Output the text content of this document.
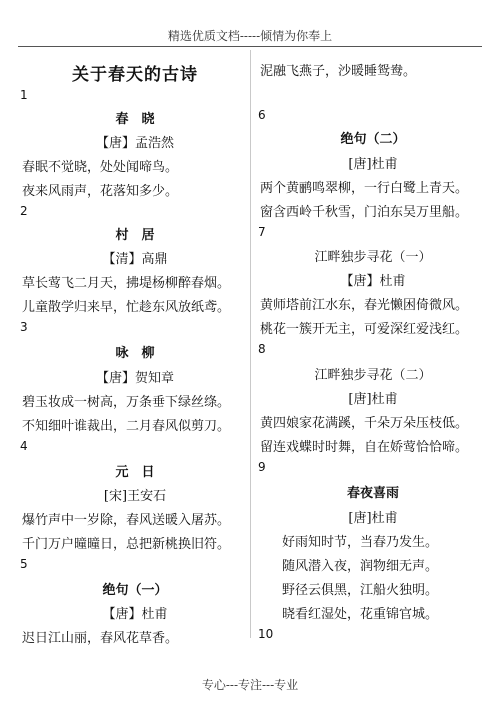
精选优质文档-----倾情为你奉上
关于春天的古诗
1
春　晓
【唐】孟浩然
春眠不觉晓，处处闻啼鸟。
夜来风雨声，花落知多少。
2
村　居
【清】高鼎
草长莺飞二月天，拂堤杨柳醉春烟。
儿童散学归来早，忙趁东风放纸鸢。
3
咏　柳
【唐】贺知章
碧玉妆成一树高，万条垂下绿丝绦。
不知细叶谁裁出，二月春风似剪刀。
4
元　日
[宋]王安石
爆竹声中一岁除，春风送暖入屠苏。
千门万户曈曈日，总把新桃换旧符。
5
绝句（一）
【唐】杜甫
迟日江山丽，春风花草香。
泥融飞燕子，沙暖睡鸳鸯。
6
绝句（二）
[唐]杜甫
两个黄鹂鸣翠柳，一行白鹭上青天。
窗含西岭千秋雪，门泊东吴万里船。
7
江畔独步寻花（一）
【唐】杜甫
黄师塔前江水东，春光懒困倚微风。
桃花一簇开无主，可爱深红爱浅红。
8
江畔独步寻花（二）
[唐]杜甫
黄四娘家花满蹊，千朵万朵压枝低。
留连戏蝶时时舞，自在娇莺恰恰啼。
9
春夜喜雨
[唐]杜甫
好雨知时节，当春乃发生。
随风潜入夜，润物细无声。
野径云俱黑，江船火独明。
晓看红湿处，花重锦官城。
10
专心---专注---专业
